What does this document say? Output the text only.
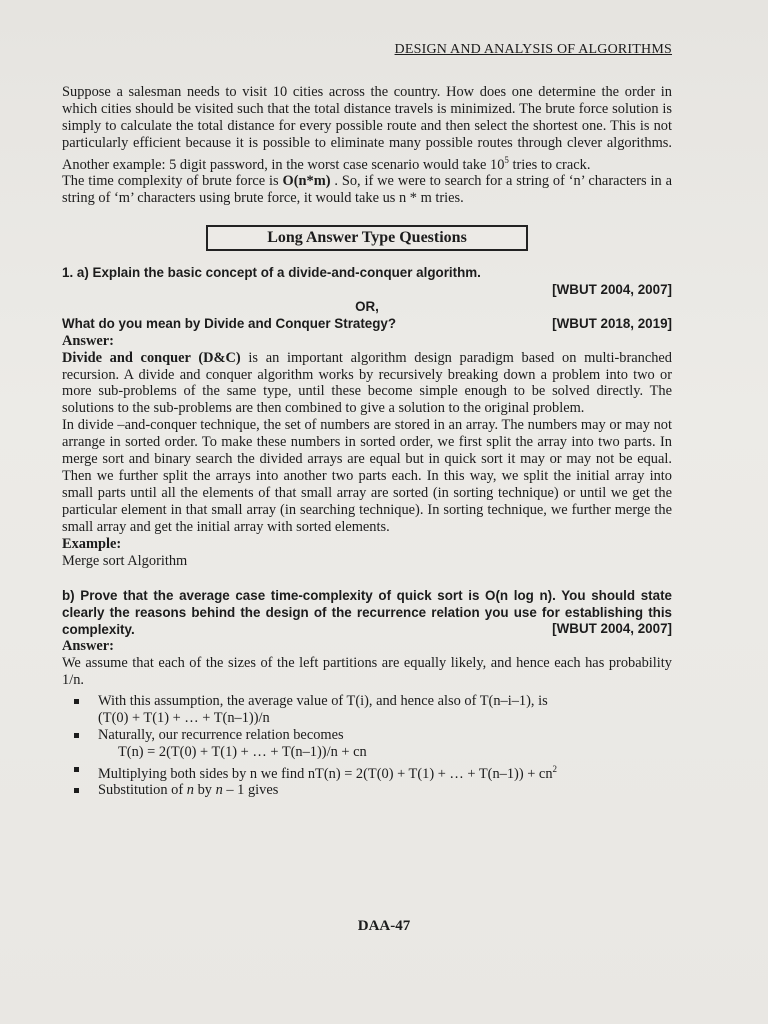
DESIGN AND ANALYSIS OF ALGORITHMS

Suppose a salesman needs to visit 10 cities across the country. How does one determine the order in which cities should be visited such that the total distance travels is minimized. The brute force solution is simply to calculate the total distance for every possible route and then select the shortest one. This is not particularly efficient because it is possible to eliminate many possible routes through clever algorithms. Another example: 5 digit password, in the worst case scenario would take $10^5$ tries to crack.

The time complexity of brute force is O(n*m) . So, if we were to search for a string of ‘n’ characters in a string of ‘m’ characters using brute force, it would take us n * m tries.

Long Answer Type Questions
1. a) Explain the basic concept of a divide-and-conquer algorithm.
[WBUT 2004, 2007]
OR,
What do you mean by Divide and Conquer Strategy?	[WBUT 2018, 2019]
Answer:

Divide and conquer (D&C) is an important algorithm design paradigm based on multi-branched recursion. A divide and conquer algorithm works by recursively breaking down a problem into two or more sub-problems of the same type, until these become simple enough to be solved directly. The solutions to the sub-problems are then combined to give a solution to the original problem.

In divide –and-conquer technique, the set of numbers are stored in an array. The numbers may or may not arrange in sorted order. To make these numbers in sorted order, we first split the array into two parts. In merge sort and binary search the divided arrays are equal but in quick sort it may or may not be equal. Then we further split the arrays into another two parts each. In this way, we split the initial array into small parts until all the elements of that small array are sorted (in sorting technique) or until we get the particular element in that small array (in searching technique). In sorting technique, we further merge the small array and get the initial array with sorted elements.

Example:
Merge sort Algorithm

b) Prove that the average case time-complexity of quick sort is O(n log n). You should state clearly the reasons behind the design of the recurrence relation you use for establishing this complexity.	[WBUT 2004, 2007]
Answer:

We assume that each of the sizes of the left partitions are equally likely, and hence each has probability 1/n.

With this assumption, the average value of T(i), and hence also of T(n–i–1), is
(T(0) + T(1) + … + T(n–1))/n
Naturally, our recurrence relation becomes
T(n) = 2(T(0) + T(1) + … + T(n–1))/n + cn
Multiplying both sides by n we find nT(n) = 2(T(0) + T(1) + … + $T(n-1)) + cn^2$
Substitution of n by n – 1 gives
DAA-47
